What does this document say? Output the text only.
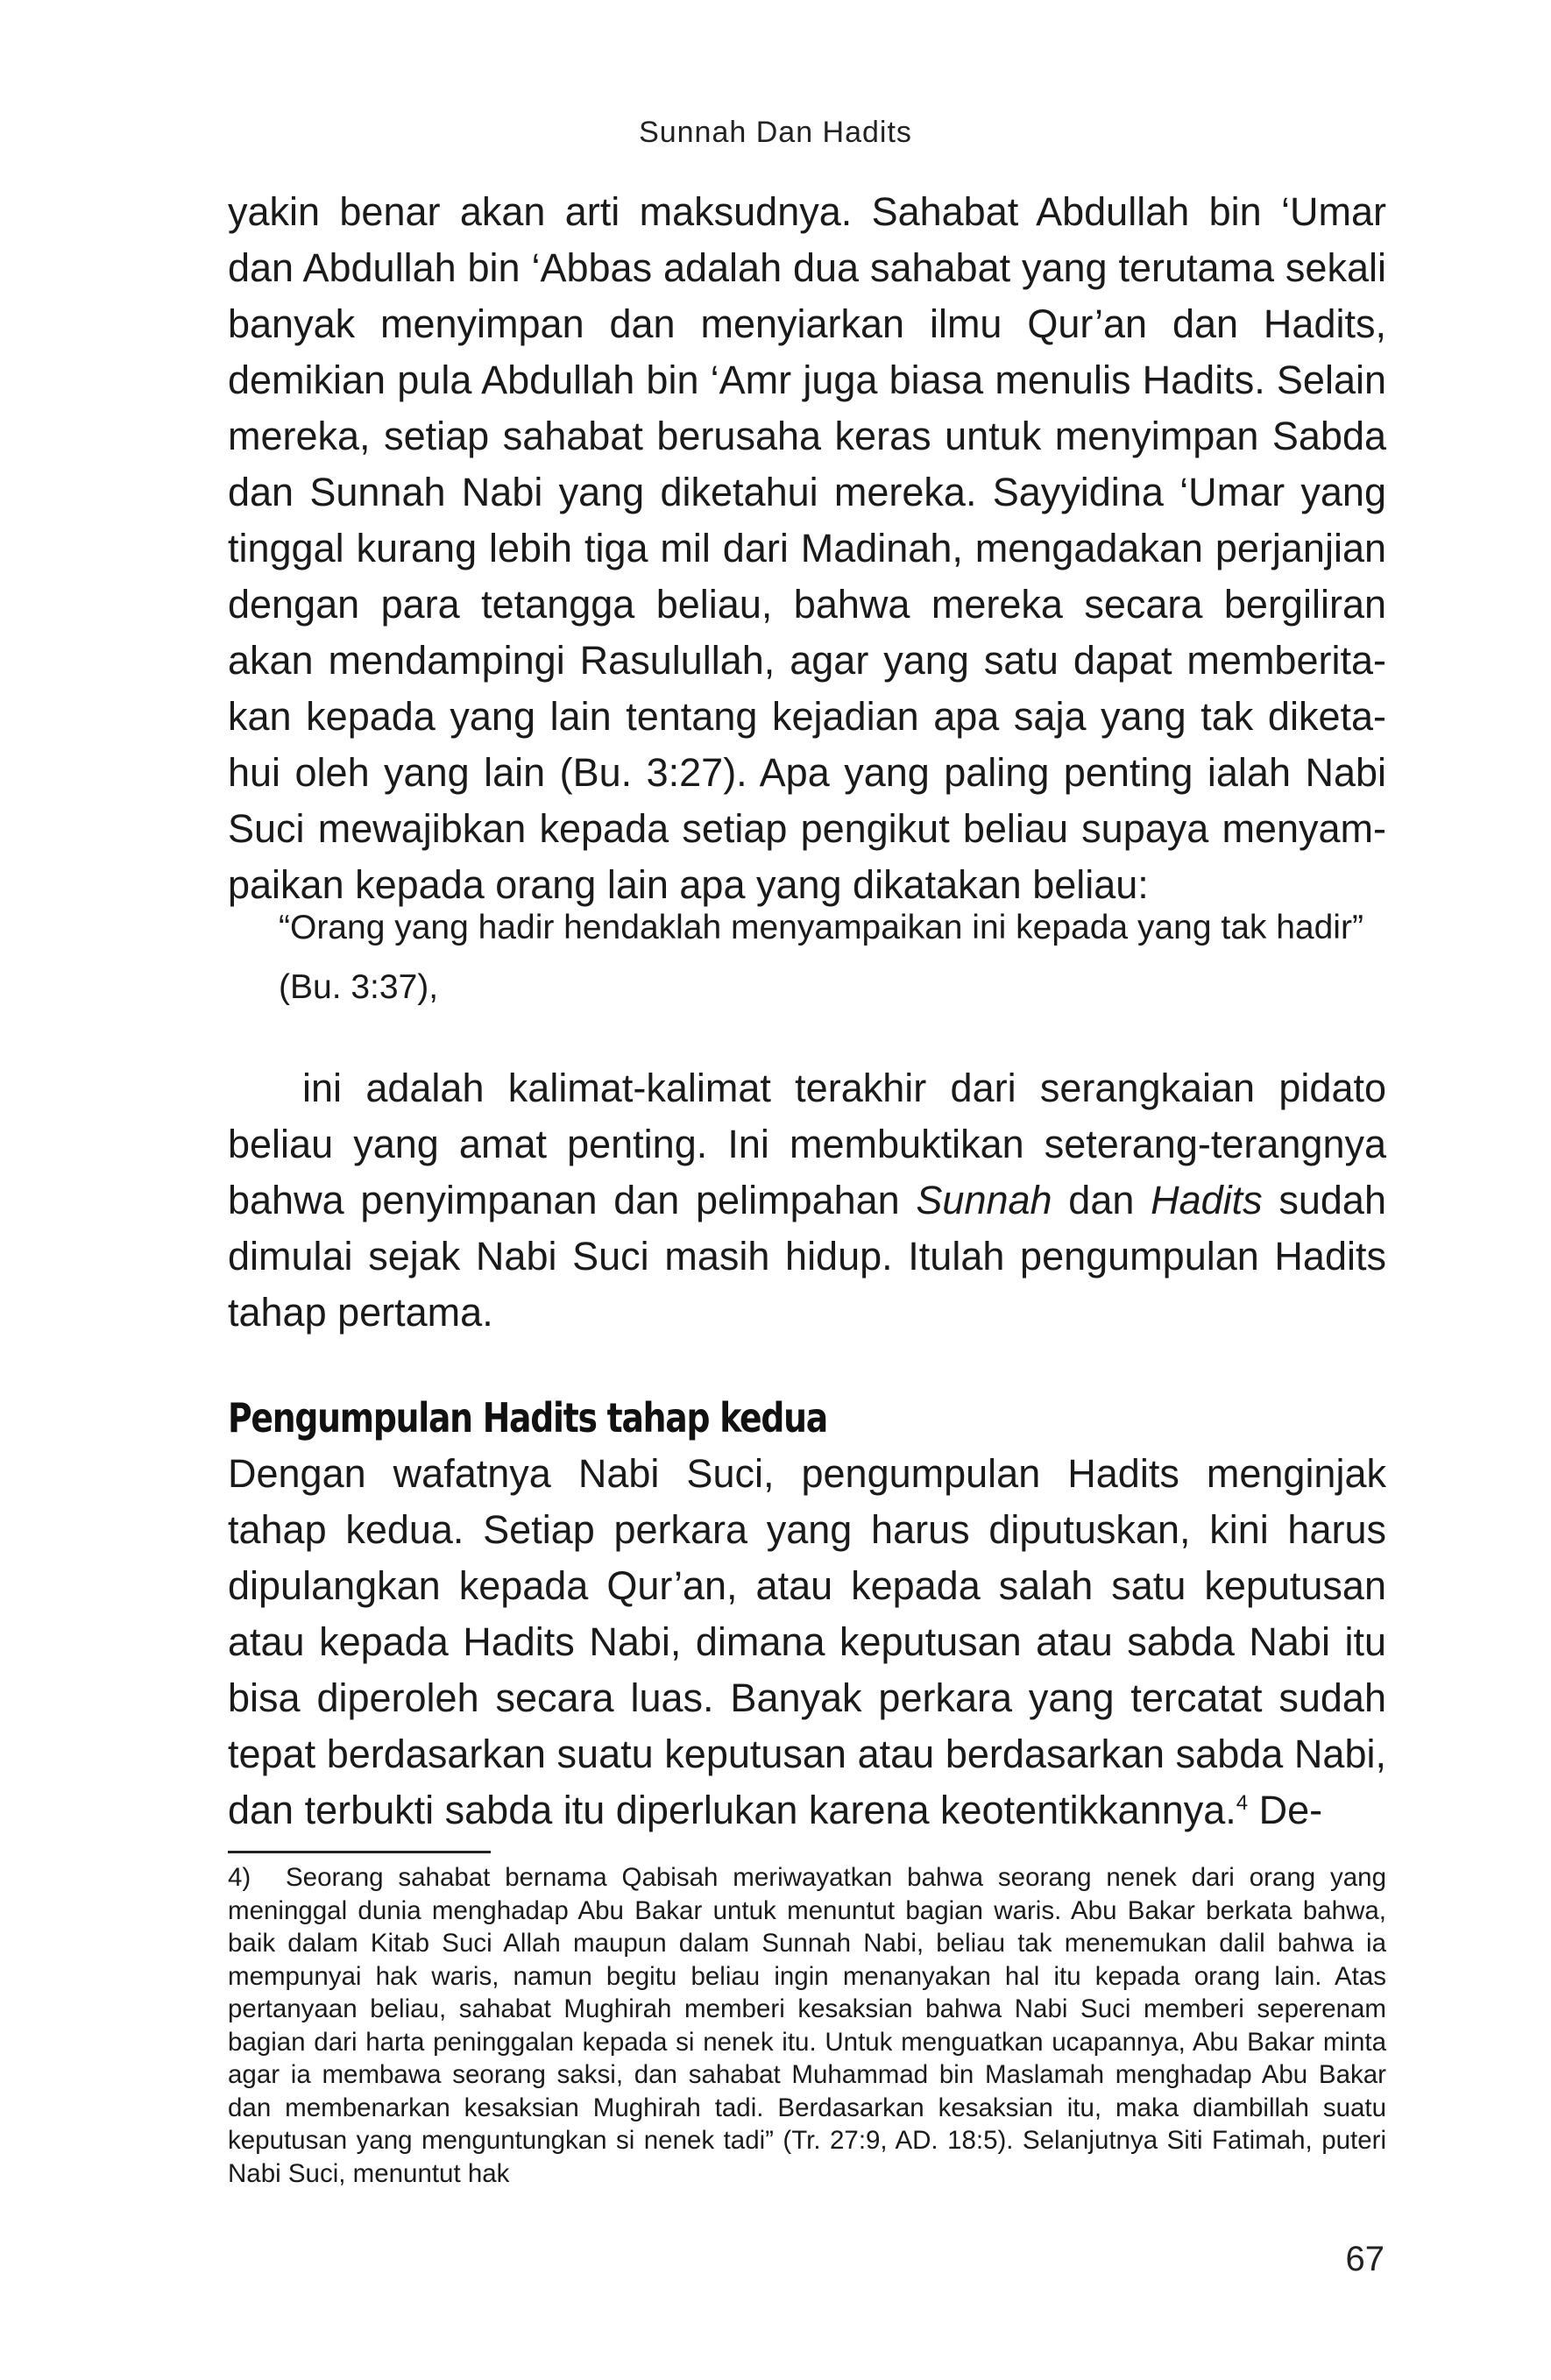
Sunnah Dan Hadits

yakin benar akan arti maksudnya. Sahabat Abdullah bin ‘Umar dan Abdullah bin ‘Abbas adalah dua sahabat yang terutama sekali banyak menyimpan dan menyiarkan ilmu Qur’an dan Hadits, demikian pula Abdullah bin ‘Amr juga biasa menulis Hadits. Selain mereka, setiap sahabat berusaha keras untuk menyimpan Sabda dan Sunnah Nabi yang diketahui mereka. Sayyidina ‘Umar yang tinggal kurang lebih tiga mil dari Madinah, mengadakan perjanjian dengan para tetangga beliau, bahwa mereka secara bergiliran akan mendampingi Rasulullah, agar yang satu dapat memberitakan kepada yang lain tentang kejadian apa saja yang tak diketahui oleh yang lain (Bu. 3:27). Apa yang paling penting ialah Nabi Suci mewajibkan kepada setiap pengikut beliau supaya menyampaikan kepada orang lain apa yang dikatakan beliau:

“Orang yang hadir hendaklah menyampaikan ini kepada yang tak hadir” (Bu. 3:37),

ini adalah kalimat-kalimat terakhir dari serangkaian pidato beliau yang amat penting. Ini membuktikan seterang-terangnya bahwa penyimpanan dan pelimpahan Sunnah dan Hadits sudah dimulai sejak Nabi Suci masih hidup. Itulah pengumpulan Hadits tahap pertama.

Pengumpulan Hadits tahap kedua

Dengan wafatnya Nabi Suci, pengumpulan Hadits menginjak tahap kedua. Setiap perkara yang harus diputuskan, kini harus dipulangkan kepada Qur’an, atau kepada salah satu keputusan atau kepada Hadits Nabi, dimana keputusan atau sabda Nabi itu bisa diperoleh secara luas. Banyak perkara yang tercatat sudah tepat berdasarkan suatu keputusan atau berdasarkan sabda Nabi, dan terbukti sabda itu diperlukan karena keotentikkannya.$^4$ De-

4) Seorang sahabat bernama Qabisah meriwayatkan bahwa seorang nenek dari orang yang meninggal dunia menghadap Abu Bakar untuk menuntut bagian waris. Abu Bakar berkata bahwa, baik dalam Kitab Suci Allah maupun dalam Sunnah Nabi, beliau tak menemukan dalil bahwa ia mempunyai hak waris, namun begitu beliau ingin menanyakan hal itu kepada orang lain. Atas pertanyaan beliau, sahabat Mughirah memberi kesaksian bahwa Nabi Suci memberi seperenam bagian dari harta peninggalan kepada si nenek itu. Untuk menguatkan ucapannya, Abu Bakar minta agar ia membawa seorang saksi, dan sahabat Muhammad bin Maslamah menghadap Abu Bakar dan membenarkan kesaksian Mughirah tadi. Berdasarkan kesaksian itu, maka diambillah suatu keputusan yang menguntungkan si nenek tadi” (Tr. 27:9, AD. 18:5). Selanjutnya Siti Fatimah, puteri Nabi Suci, menuntut hak

67
